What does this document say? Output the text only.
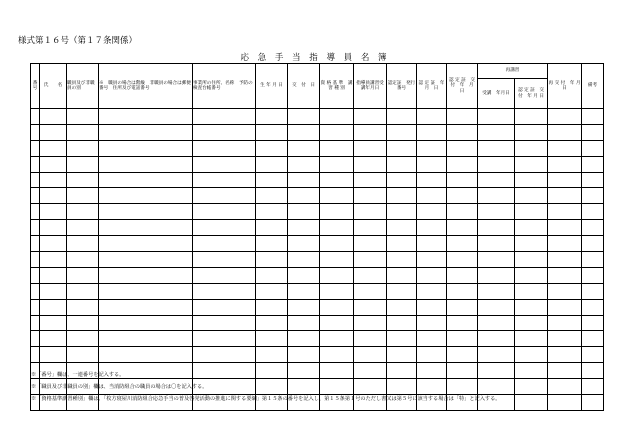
様式第１６号（第１７条関係）
応 急 手 当 指 導 員 名 簿
番号	氏　　名	職員及び非職員の別	※　職員の場合は階級　非職員の場合は郵便番号　住所及び電話番号	事業所の住所、名称　予防の検査台帳番号	生 年 月 日	交　付　日	資 格 基 準　講 習 種 別	指導員講習受講年月日	認定証　発行番号	認 定 証　年　月　日	認 定 証　交　付　年　月　日	再講習		再 交 付　年 月 日	備考
												受講　年月日	認 定 証　交　付　年 月 日		

※「番号」欄は、一連番号を記入する。
※「職員及び非職員の別」欄は、当消防組合の職員の場合は〇を記入する。
※「資格基準講習種別」欄は、「枚方寝屋川消防組合応急手当の普及啓発活動の推進に関する要綱」第１５条の番号を記入し、第１５条第１号のただし書又は第５号に該当する場合は「特」と記入する。
